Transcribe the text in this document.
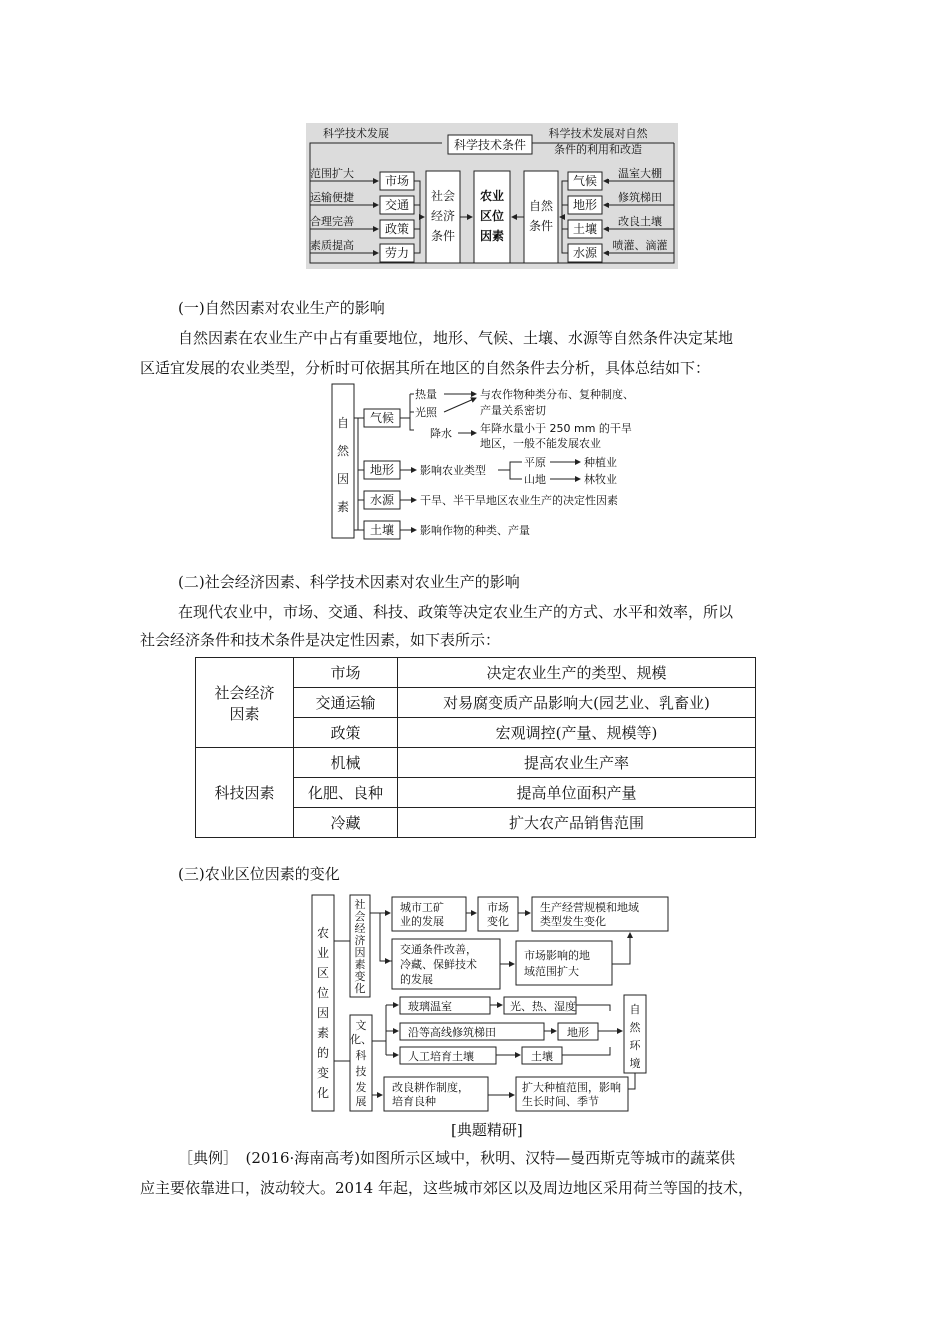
科学技术条件
科学技术发展	科学技术发展对自然
条件的利用和改造
范围扩大
运输便捷
合理完善
素质提高
市场
交通
政策
劳力
社会
经济
条件
农业
区位
因素
自然
条件
气候
地形
土壤
水源
温室大棚
修筑梯田
改良土壤
喷灌、滴灌
(一)自然因素对农业生产的影响
自然因素在农业生产中占有重要地位，地形、气候、土壤、水源等自然条件决定某地
区适宜发展的农业类型，分析时可依据其所在地区的自然条件去分析，具体总结如下：
自
然
因
素
气候
热量
光照
降水
与农作物种类分布、复种制度、
产量关系密切
年降水量小于 250 mm 的干旱
地区，一般不能发展农业
地形 影响农业类型
平原	种植业
山地	林牧业
水源 干旱、半干旱地区农业生产的决定性因素
土壤 影响作物的种类、产量
(二)社会经济因素、科学技术因素对农业生产的影响
在现代农业中，市场、交通、科技、政策等决定农业生产的方式、水平和效率，所以
社会经济条件和技术条件是决定性因素，如下表所示：
社会经济
因素	市场	决定农业生产的类型、规模
	交通运输	对易腐变质产品影响大(园艺业、乳畜业)
	政策	宏观调控(产量、规模等)
科技因素	机械	提高农业生产率
	化肥、良种	提高单位面积产量
	冷藏	扩大农产品销售范围
(三)农业区位因素的变化
农
业
区
位
因
素
的
变
化
社
会
经
济
因
素
变
化
城市工矿
业的发展
市场
变化
生产经营规模和地域
类型发生变化
交通条件改善，
冷藏、保鲜技术
的发展
市场影响的地
域范围扩大
文
化、
科
技
发
展
玻璃温室	光、热、湿度
沿等高线修筑梯田	地形
人工培育土壤	土壤
自
然
环
境
改良耕作制度，
培育良种
扩大种植范围，影响
生长时间、季节
[典题精研]
［典例］　(2016·海南高考)如图所示区域中，秋明、汉特—曼西斯克等城市的蔬菜供
应主要依靠进口，波动较大。2014 年起，这些城市郊区以及周边地区采用荷兰等国的技术，
